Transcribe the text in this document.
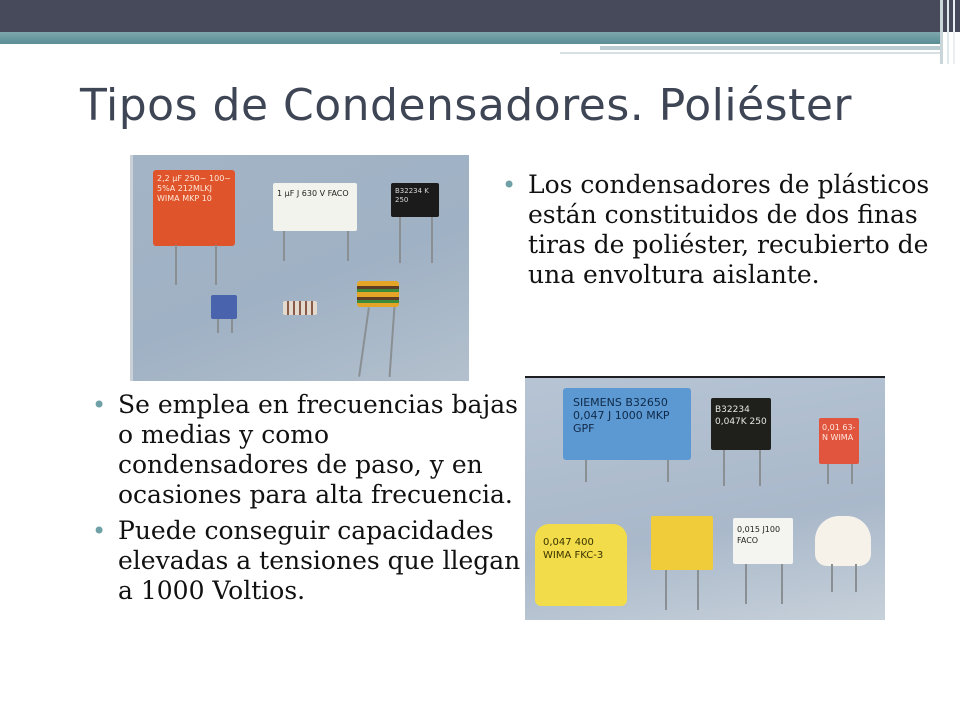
Tipos de Condensadores. Poliéster
2,2 µF 250~ 100~ 5%A 212MLKJ WIMA MKP 10
1 µF J 630 V FACO	B32234 K 250
• Los condensadores de plásticos están constituidos de dos finas tiras de poliéster, recubierto de una envoltura aislante.
SIEMENS B32650 0,047 J 1000 MKP GPF
B32234 0,047K 250
0,01 63-N WIMA
0,047 400 WIMA FKC-3
0,015 J100 FACO
• Se emplea en frecuencias bajas o medias y como condensadores de paso, y en ocasiones para alta frecuencia.
• Puede conseguir capacidades elevadas a tensiones que llegan a 1000 Voltios.
